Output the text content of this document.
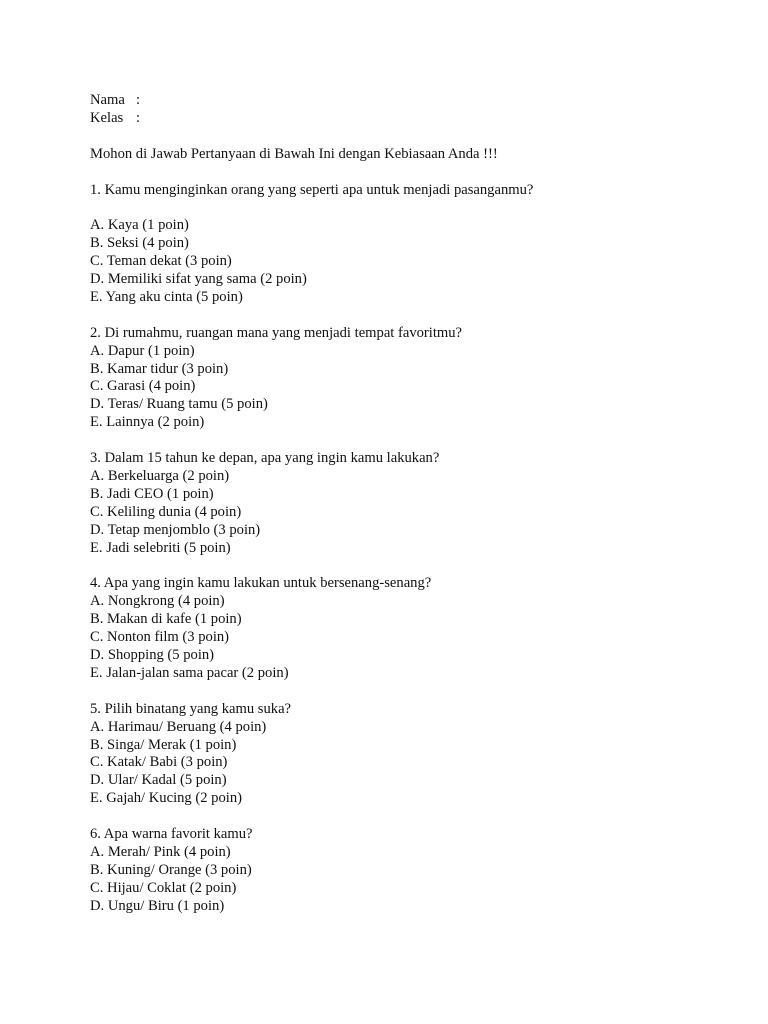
Nama :
Kelas :
Mohon di Jawab Pertanyaan di Bawah Ini dengan Kebiasaan Anda !!!
1. Kamu menginginkan orang yang seperti apa untuk menjadi pasanganmu?
A. Kaya (1 poin)
B. Seksi (4 poin)
C. Teman dekat (3 poin)
D. Memiliki sifat yang sama (2 poin)
E. Yang aku cinta (5 poin)
2. Di rumahmu, ruangan mana yang menjadi tempat favoritmu?
A. Dapur (1 poin)
B. Kamar tidur (3 poin)
C. Garasi (4 poin)
D. Teras/ Ruang tamu (5 poin)
E. Lainnya (2 poin)
3. Dalam 15 tahun ke depan, apa yang ingin kamu lakukan?
A. Berkeluarga (2 poin)
B. Jadi CEO (1 poin)
C. Keliling dunia (4 poin)
D. Tetap menjomblo (3 poin)
E. Jadi selebriti (5 poin)
4. Apa yang ingin kamu lakukan untuk bersenang-senang?
A. Nongkrong (4 poin)
B. Makan di kafe (1 poin)
C. Nonton film (3 poin)
D. Shopping (5 poin)
E. Jalan-jalan sama pacar (2 poin)
5. Pilih binatang yang kamu suka?
A. Harimau/ Beruang (4 poin)
B. Singa/ Merak (1 poin)
C. Katak/ Babi (3 poin)
D. Ular/ Kadal (5 poin)
E. Gajah/ Kucing (2 poin)
6. Apa warna favorit kamu?
A. Merah/ Pink (4 poin)
B. Kuning/ Orange (3 poin)
C. Hijau/ Coklat (2 poin)
D. Ungu/ Biru (1 poin)
